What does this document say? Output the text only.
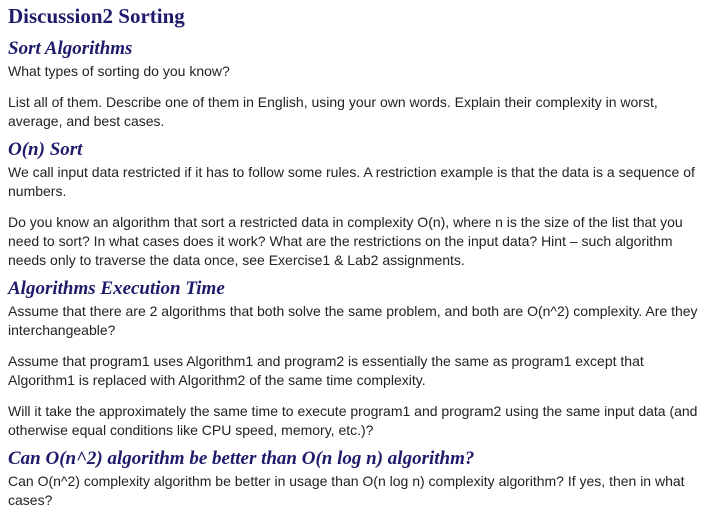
Discussion2 Sorting
Sort Algorithms

What types of sorting do you know?

List all of them. Describe one of them in English, using your own words. Explain their complexity in worst, average, and best cases.

O(n) Sort

We call input data restricted if it has to follow some rules. A restriction example is that the data is a sequence of numbers.

Do you know an algorithm that sort a restricted data in complexity O(n), where n is the size of the list that you need to sort? In what cases does it work? What are the restrictions on the input data? Hint – such algorithm needs only to traverse the data once, see Exercise1 & Lab2 assignments.

Algorithms Execution Time

Assume that there are 2 algorithms that both solve the same problem, and both are O(n^2) complexity. Are they interchangeable?

Assume that program1 uses Algorithm1 and program2 is essentially the same as program1 except that Algorithm1 is replaced with Algorithm2 of the same time complexity.

Will it take the approximately the same time to execute program1 and program2 using the same input data (and otherwise equal conditions like CPU speed, memory, etc.)?

Can O(n^2) algorithm be better than O(n log n) algorithm?

Can O(n^2) complexity algorithm be better in usage than O(n log n) complexity algorithm? If yes, then in what cases?
